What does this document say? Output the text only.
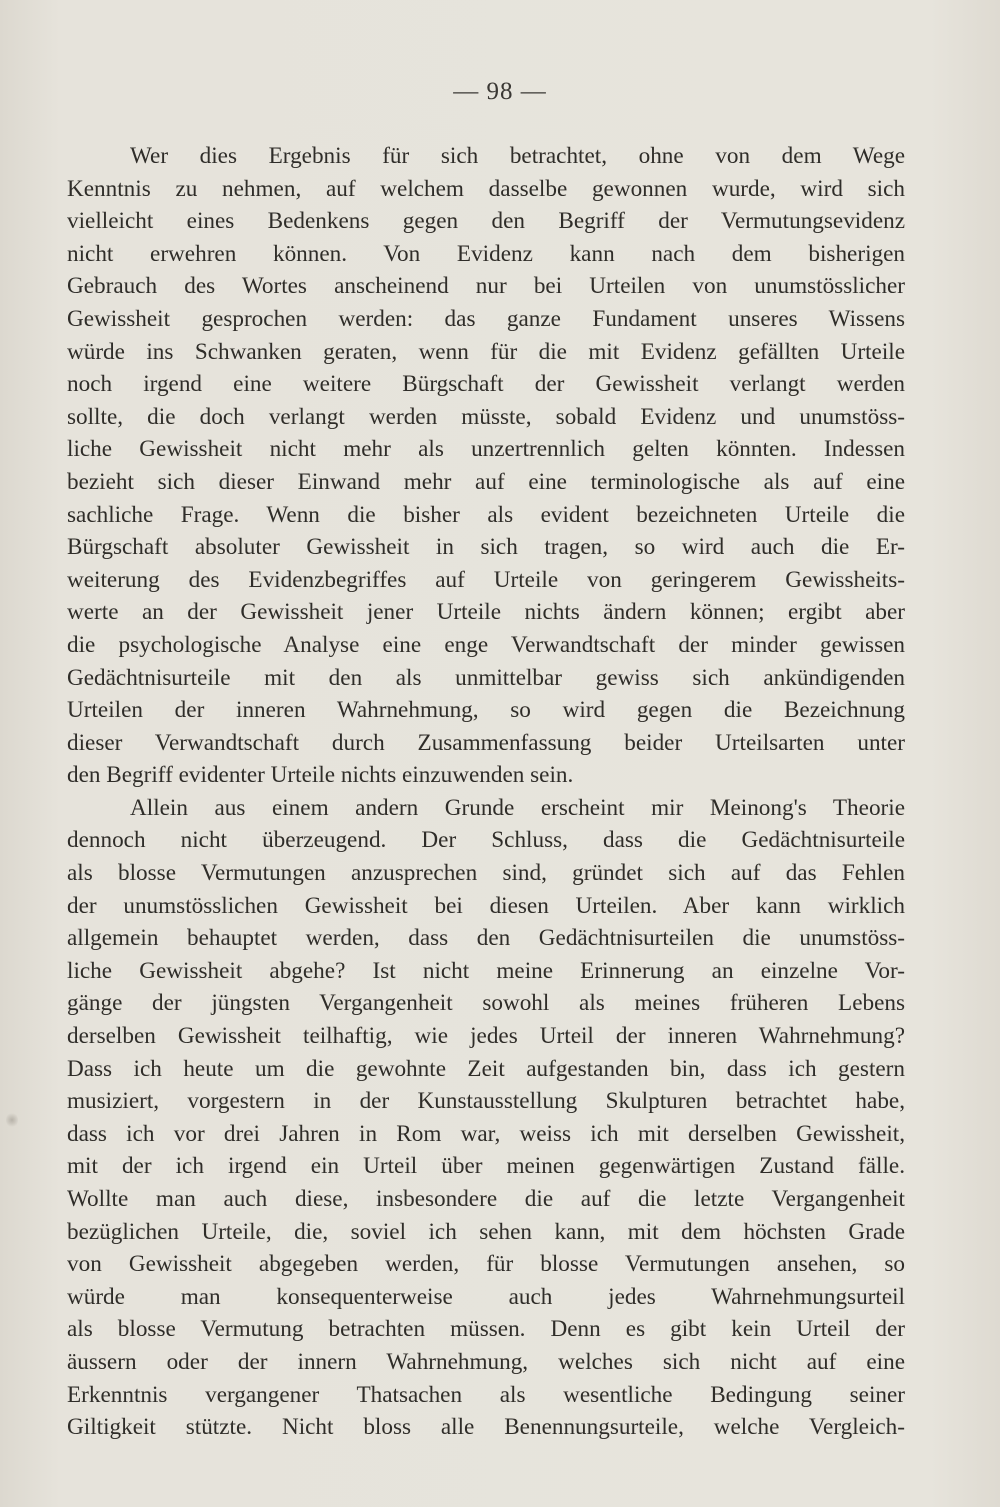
— 98 —
Wer dies Ergebnis für sich betrachtet, ohne von dem Wege
Kenntnis zu nehmen, auf welchem dasselbe gewonnen wurde, wird sich
vielleicht eines Bedenkens gegen den Begriff der Vermutungsevidenz
nicht erwehren können. Von Evidenz kann nach dem bisherigen
Gebrauch des Wortes anscheinend nur bei Urteilen von unumstösslicher
Gewissheit gesprochen werden: das ganze Fundament unseres Wissens
würde ins Schwanken geraten, wenn für die mit Evidenz gefällten Urteile
noch irgend eine weitere Bürgschaft der Gewissheit verlangt werden
sollte, die doch verlangt werden müsste, sobald Evidenz und unumstöss-
liche Gewissheit nicht mehr als unzertrennlich gelten könnten. Indessen
bezieht sich dieser Einwand mehr auf eine terminologische als auf eine
sachliche Frage. Wenn die bisher als evident bezeichneten Urteile die
Bürgschaft absoluter Gewissheit in sich tragen, so wird auch die Er-
weiterung des Evidenzbegriffes auf Urteile von geringerem Gewissheits-
werte an der Gewissheit jener Urteile nichts ändern können; ergibt aber
die psychologische Analyse eine enge Verwandtschaft der minder gewissen
Gedächtnisurteile mit den als unmittelbar gewiss sich ankündigenden
Urteilen der inneren Wahrnehmung, so wird gegen die Bezeichnung
dieser Verwandtschaft durch Zusammenfassung beider Urteilsarten unter
den Begriff evidenter Urteile nichts einzuwenden sein.
Allein aus einem andern Grunde erscheint mir Meinong's Theorie
dennoch nicht überzeugend. Der Schluss, dass die Gedächtnisurteile
als blosse Vermutungen anzusprechen sind, gründet sich auf das Fehlen
der unumstösslichen Gewissheit bei diesen Urteilen. Aber kann wirklich
allgemein behauptet werden, dass den Gedächtnisurteilen die unumstöss-
liche Gewissheit abgehe? Ist nicht meine Erinnerung an einzelne Vor-
gänge der jüngsten Vergangenheit sowohl als meines früheren Lebens
derselben Gewissheit teilhaftig, wie jedes Urteil der inneren Wahrnehmung?
Dass ich heute um die gewohnte Zeit aufgestanden bin, dass ich gestern
musiziert, vorgestern in der Kunstausstellung Skulpturen betrachtet habe,
dass ich vor drei Jahren in Rom war, weiss ich mit derselben Gewissheit,
mit der ich irgend ein Urteil über meinen gegenwärtigen Zustand fälle.
Wollte man auch diese, insbesondere die auf die letzte Vergangenheit
bezüglichen Urteile, die, soviel ich sehen kann, mit dem höchsten Grade
von Gewissheit abgegeben werden, für blosse Vermutungen ansehen, so
würde man konsequenterweise auch jedes Wahrnehmungsurteil
als blosse Vermutung betrachten müssen. Denn es gibt kein Urteil der
äussern oder der innern Wahrnehmung, welches sich nicht auf eine
Erkenntnis vergangener Thatsachen als wesentliche Bedingung seiner
Giltigkeit stützte. Nicht bloss alle Benennungsurteile, welche Vergleich-
